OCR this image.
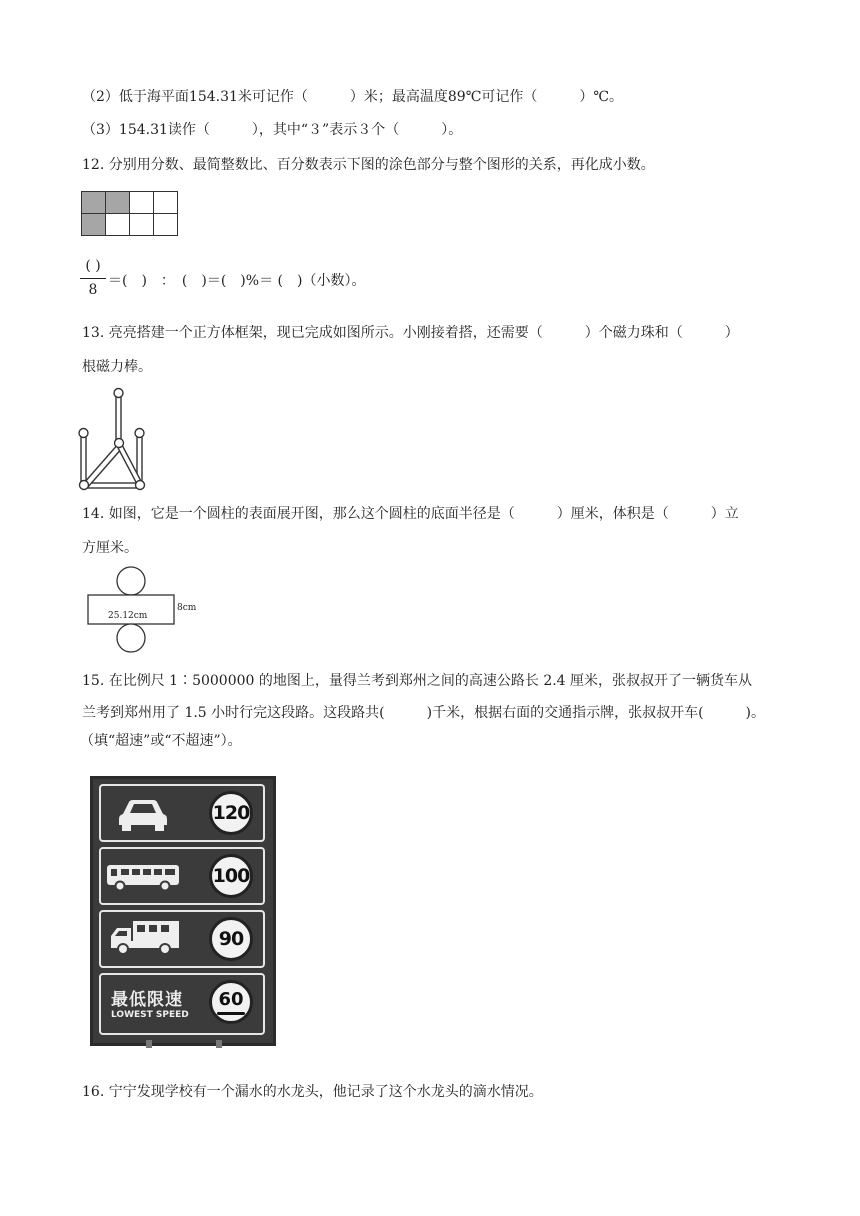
（2）低于海平面154.31米可记作（　　　）米；最高温度89℃可记作（　　　）℃。
（3）154.31读作（　　　），其中“３”表示３个（　　　）。
12. 分别用分数、最简整数比、百分数表示下图的涂色部分与整个图形的关系，再化成小数。

( )
8
＝(　)　：　(　)＝(　)%＝ (　)（小数）。
13. 亮亮搭建一个正方体框架，现已完成如图所示。小刚接着搭，还需要（　　　）个磁力珠和（　　　）
根磁力棒。
14. 如图，它是一个圆柱的表面展开图，那么这个圆柱的底面半径是（　　　）厘米，体积是（　　　）立
方厘米。
25.12cm
8cm
15. 在比例尺 1∶5000000 的地图上，量得兰考到郑州之间的高速公路长 2.4 厘米，张叔叔开了一辆货车从
兰考到郑州用了 1.5 小时行完这段路。这段路共(　　　)千米，根据右面的交通指示牌，张叔叔开车(　　　)。
（填“超速”或“不超速”）。
120
100
90
最低限速
LOWEST SPEED
60
16. 宁宁发现学校有一个漏水的水龙头，他记录了这个水龙头的滴水情况。
